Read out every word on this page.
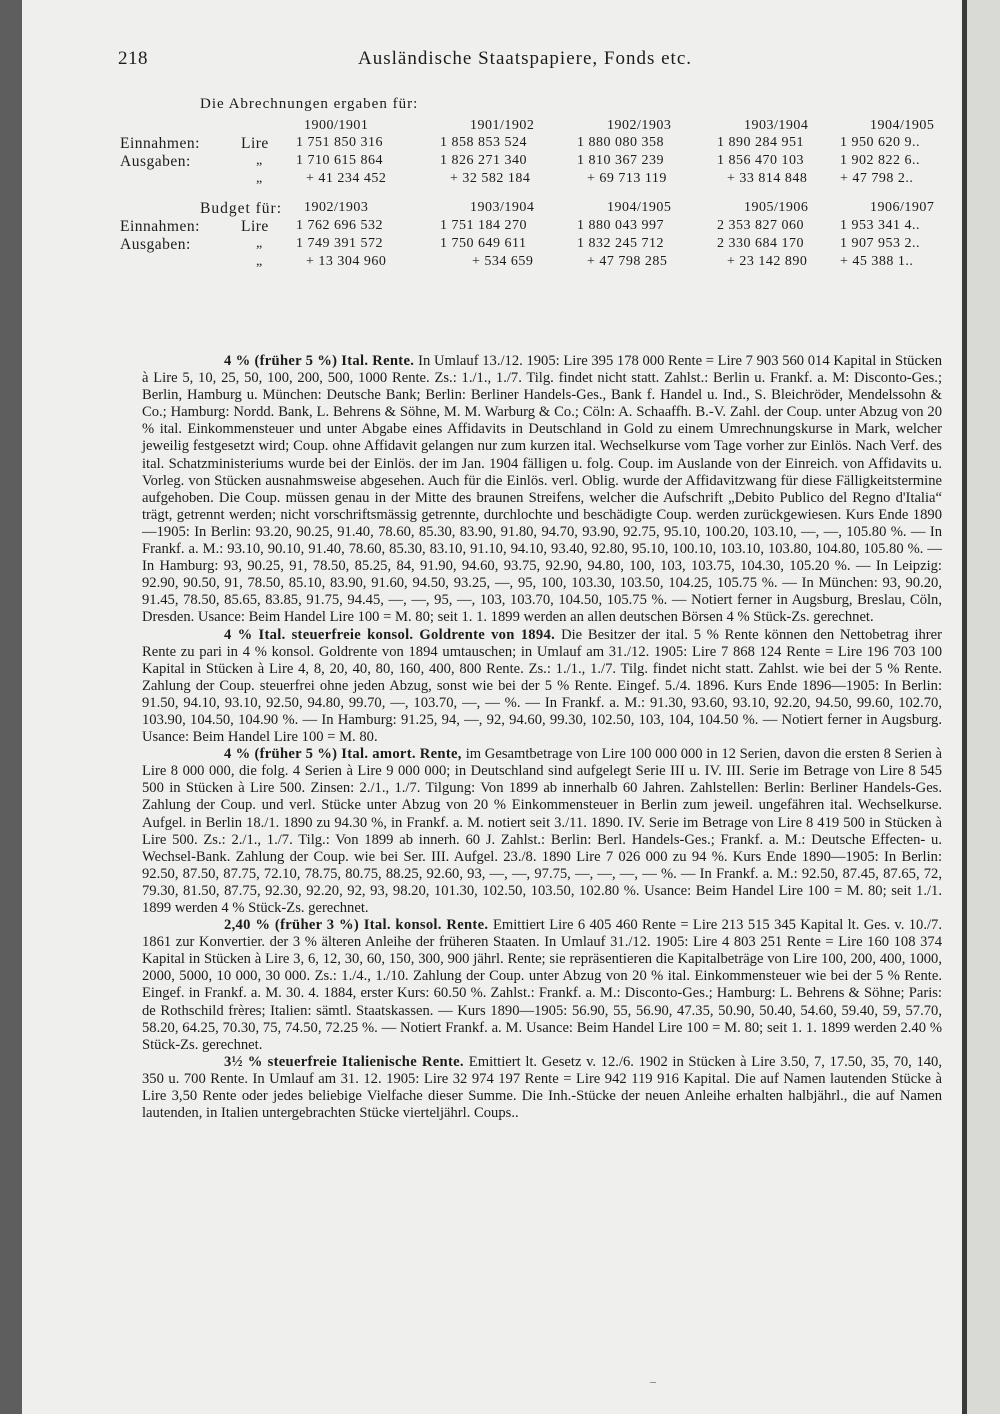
218	Ausländische Staatspapiere, Fonds etc.
Die Abrechnungen ergaben für:
1900/1901	1901/1902	1902/1903	1903/1904	1904/1905
Einnahmen:	Lire 1 751 850 316	1 858 853 524	1 880 080 358	1 890 284 951	1 950 620 9..
Ausgaben:	„ 1 710 615 864	1 826 271 340	1 810 367 239	1 856 470 103	1 902 822 6..
„	+ 41 234 452	+ 32 582 184	+ 69 713 119	+ 33 814 848 + 47 798 2..
Budget für: 1902/1903	1903/1904	1904/1905	1905/1906	1906/1907
Einnahmen:	Lire 1 762 696 532	1 751 184 270	1 880 043 997	2 353 827 060	1 953 341 4..
Ausgaben:	„ 1 749 391 572	1 750 649 611	1 832 245 712	2 330 684 170	1 907 953 2..
„	+ 13 304 960	+ 534 659	+ 47 798 285	+ 23 142 890 + 45 388 1..

4 % (früher 5 %) Ital. Rente. In Umlauf 13./12. 1905: Lire 395 178 000 Rente = Lire 7 903 560 014 Kapital in Stücken à Lire 5, 10, 25, 50, 100, 200, 500, 1000 Rente. Zs.: 1./1., 1./7. Tilg. findet nicht statt. Zahlst.: Berlin u. Frankf. a. M: Disconto-Ges.; Berlin, Hamburg u. München: Deutsche Bank; Berlin: Berliner Handels-Ges., Bank f. Handel u. Ind., S. Bleichröder, Mendelssohn & Co.; Hamburg: Nordd. Bank, L. Behrens & Söhne, M. M. Warburg & Co.; Cöln: A. Schaaffh. B.-V. Zahl. der Coup. unter Abzug von 20 % ital. Einkommensteuer und unter Abgabe eines Affidavits in Deutschland in Gold zu einem Umrechnungskurse in Mark, welcher jeweilig festgesetzt wird; Coup. ohne Affidavit gelangen nur zum kurzen ital. Wechselkurse vom Tage vorher zur Einlös. Nach Verf. des ital. Schatzministeriums wurde bei der Einlös. der im Jan. 1904 fälligen u. folg. Coup. im Auslande von der Einreich. von Affidavits u. Vorleg. von Stücken ausnahmsweise abgesehen. Auch für die Einlös. verl. Oblig. wurde der Affidavitzwang für diese Fälligkeitstermine aufgehoben. Die Coup. müssen genau in der Mitte des braunen Streifens, welcher die Aufschrift „Debito Publico del Regno d'Italia“ trägt, getrennt werden; nicht vorschriftsmässig getrennte, durchlochte und beschädigte Coup. werden zurückgewiesen. Kurs Ende 1890—1905: In Berlin: 93.20, 90.25, 91.40, 78.60, 85.30, 83.90, 91.80, 94.70, 93.90, 92.75, 95.10, 100.20, 103.10, —, —, 105.80 %. — In Frankf. a. M.: 93.10, 90.10, 91.40, 78.60, 85.30, 83.10, 91.10, 94.10, 93.40, 92.80, 95.10, 100.10, 103.10, 103.80, 104.80, 105.80 %. — In Hamburg: 93, 90.25, 91, 78.50, 85.25, 84, 91.90, 94.60, 93.75, 92.90, 94.80, 100, 103, 103.75, 104.30, 105.20 %. — In Leipzig: 92.90, 90.50, 91, 78.50, 85.10, 83.90, 91.60, 94.50, 93.25, —, 95, 100, 103.30, 103.50, 104.25, 105.75 %. — In München: 93, 90.20, 91.45, 78.50, 85.65, 83.85, 91.75, 94.45, —, —, 95, —, 103, 103.70, 104.50, 105.75 %. — Notiert ferner in Augsburg, Breslau, Cöln, Dresden. Usance: Beim Handel Lire 100 = M. 80; seit 1. 1. 1899 werden an allen deutschen Börsen 4 % Stück-Zs. gerechnet.

4 % Ital. steuerfreie konsol. Goldrente von 1894. Die Besitzer der ital. 5 % Rente können den Nettobetrag ihrer Rente zu pari in 4 % konsol. Goldrente von 1894 umtauschen; in Umlauf am 31./12. 1905: Lire 7 868 124 Rente = Lire 196 703 100 Kapital in Stücken à Lire 4, 8, 20, 40, 80, 160, 400, 800 Rente. Zs.: 1./1., 1./7. Tilg. findet nicht statt. Zahlst. wie bei der 5 % Rente. Zahlung der Coup. steuerfrei ohne jeden Abzug, sonst wie bei der 5 % Rente. Eingef. 5./4. 1896. Kurs Ende 1896—1905: In Berlin: 91.50, 94.10, 93.10, 92.50, 94.80, 99.70, —, 103.70, —, — %. — In Frankf. a. M.: 91.30, 93.60, 93.10, 92.20, 94.50, 99.60, 102.70, 103.90, 104.50, 104.90 %. — In Hamburg: 91.25, 94, —, 92, 94.60, 99.30, 102.50, 103, 104, 104.50 %. — Notiert ferner in Augsburg. Usance: Beim Handel Lire 100 = M. 80.

4 % (früher 5 %) Ital. amort. Rente, im Gesamtbetrage von Lire 100 000 000 in 12 Serien, davon die ersten 8 Serien à Lire 8 000 000, die folg. 4 Serien à Lire 9 000 000; in Deutschland sind aufgelegt Serie III u. IV. III. Serie im Betrage von Lire 8 545 500 in Stücken à Lire 500. Zinsen: 2./1., 1./7. Tilgung: Von 1899 ab innerhalb 60 Jahren. Zahlstellen: Berlin: Berliner Handels-Ges. Zahlung der Coup. und verl. Stücke unter Abzug von 20 % Einkommensteuer in Berlin zum jeweil. ungefähren ital. Wechselkurse. Aufgel. in Berlin 18./1. 1890 zu 94.30 %, in Frankf. a. M. notiert seit 3./11. 1890. IV. Serie im Betrage von Lire 8 419 500 in Stücken à Lire 500. Zs.: 2./1., 1./7. Tilg.: Von 1899 ab innerh. 60 J. Zahlst.: Berlin: Berl. Handels-Ges.; Frankf. a. M.: Deutsche Effecten- u. Wechsel-Bank. Zahlung der Coup. wie bei Ser. III. Aufgel. 23./8. 1890 Lire 7 026 000 zu 94 %. Kurs Ende 1890—1905: In Berlin: 92.50, 87.50, 87.75, 72.10, 78.75, 80.75, 88.25, 92.60, 93, —, —, 97.75, —, —, —, — %. — In Frankf. a. M.: 92.50, 87.45, 87.65, 72, 79.30, 81.50, 87.75, 92.30, 92.20, 92, 93, 98.20, 101.30, 102.50, 103.50, 102.80 %. Usance: Beim Handel Lire 100 = M. 80; seit 1./1. 1899 werden 4 % Stück-Zs. gerechnet.

2,40 % (früher 3 %) Ital. konsol. Rente. Emittiert Lire 6 405 460 Rente = Lire 213 515 345 Kapital lt. Ges. v. 10./7. 1861 zur Konvertier. der 3 % älteren Anleihe der früheren Staaten. In Umlauf 31./12. 1905: Lire 4 803 251 Rente = Lire 160 108 374 Kapital in Stücken à Lire 3, 6, 12, 30, 60, 150, 300, 900 jährl. Rente; sie repräsentieren die Kapitalbeträge von Lire 100, 200, 400, 1000, 2000, 5000, 10 000, 30 000. Zs.: 1./4., 1./10. Zahlung der Coup. unter Abzug von 20 % ital. Einkommensteuer wie bei der 5 % Rente. Eingef. in Frankf. a. M. 30. 4. 1884, erster Kurs: 60.50 %. Zahlst.: Frankf. a. M.: Disconto-Ges.; Hamburg: L. Behrens & Söhne; Paris: de Rothschild frères; Italien: sämtl. Staatskassen. — Kurs 1890—1905: 56.90, 55, 56.90, 47.35, 50.90, 50.40, 54.60, 59.40, 59, 57.70, 58.20, 64.25, 70.30, 75, 74.50, 72.25 %. — Notiert Frankf. a. M. Usance: Beim Handel Lire 100 = M. 80; seit 1. 1. 1899 werden 2.40 % Stück-Zs. gerechnet.

3½ % steuerfreie Italienische Rente. Emittiert lt. Gesetz v. 12./6. 1902 in Stücken à Lire 3.50, 7, 17.50, 35, 70, 140, 350 u. 700 Rente. In Umlauf am 31. 12. 1905: Lire 32 974 197 Rente = Lire 942 119 916 Kapital. Die auf Namen lautenden Stücke à Lire 3,50 Rente oder jedes beliebige Vielfache dieser Summe. Die Inh.-Stücke der neuen Anleihe erhalten halbjährl., die auf Namen lautenden, in Italien untergebrachten Stücke vierteljährl. Coups..

–
